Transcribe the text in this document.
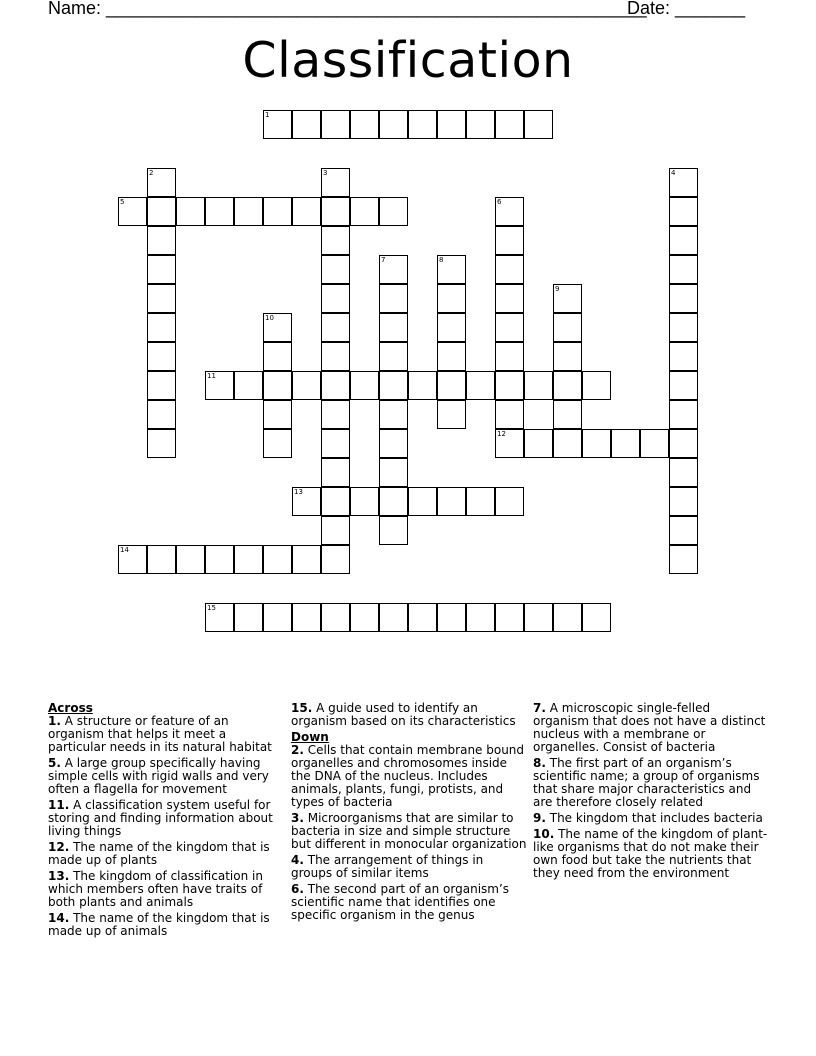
Name: ______________________________________________________
Date: _______
Classification
1
2	3	4
5	6
12
7	8
9
10
11
13
14
15
Across
1. A structure or feature of an organism that helps it meet a particular needs in its natural habitat
5. A large group specifically having simple cells with rigid walls and very often a flagella for movement
11. A classification system useful for storing and finding information about living things
12. The name of the kingdom that is made up of plants
13. The kingdom of classification in which members often have traits of both plants and animals
14. The name of the kingdom that is made up of animals
15. A guide used to identify an organism based on its characteristics
Down
2. Cells that contain membrane bound organelles and chromosomes inside the DNA of the nucleus. Includes animals, plants, fungi, protists, and types of bacteria
3. Microorganisms that are similar to bacteria in size and simple structure but different in monocular organization
4. The arrangement of things in groups of similar items
6. The second part of an organism’s scientific name that identifies one specific organism in the genus
7. A microscopic single-felled organism that does not have a distinct nucleus with a membrane or organelles. Consist of bacteria
8. The first part of an organism’s scientific name; a group of organisms that share major characteristics and are therefore closely related
9. The kingdom that includes bacteria
10. The name of the kingdom of plant-like organisms that do not make their own food but take the nutrients that they need from the environment
